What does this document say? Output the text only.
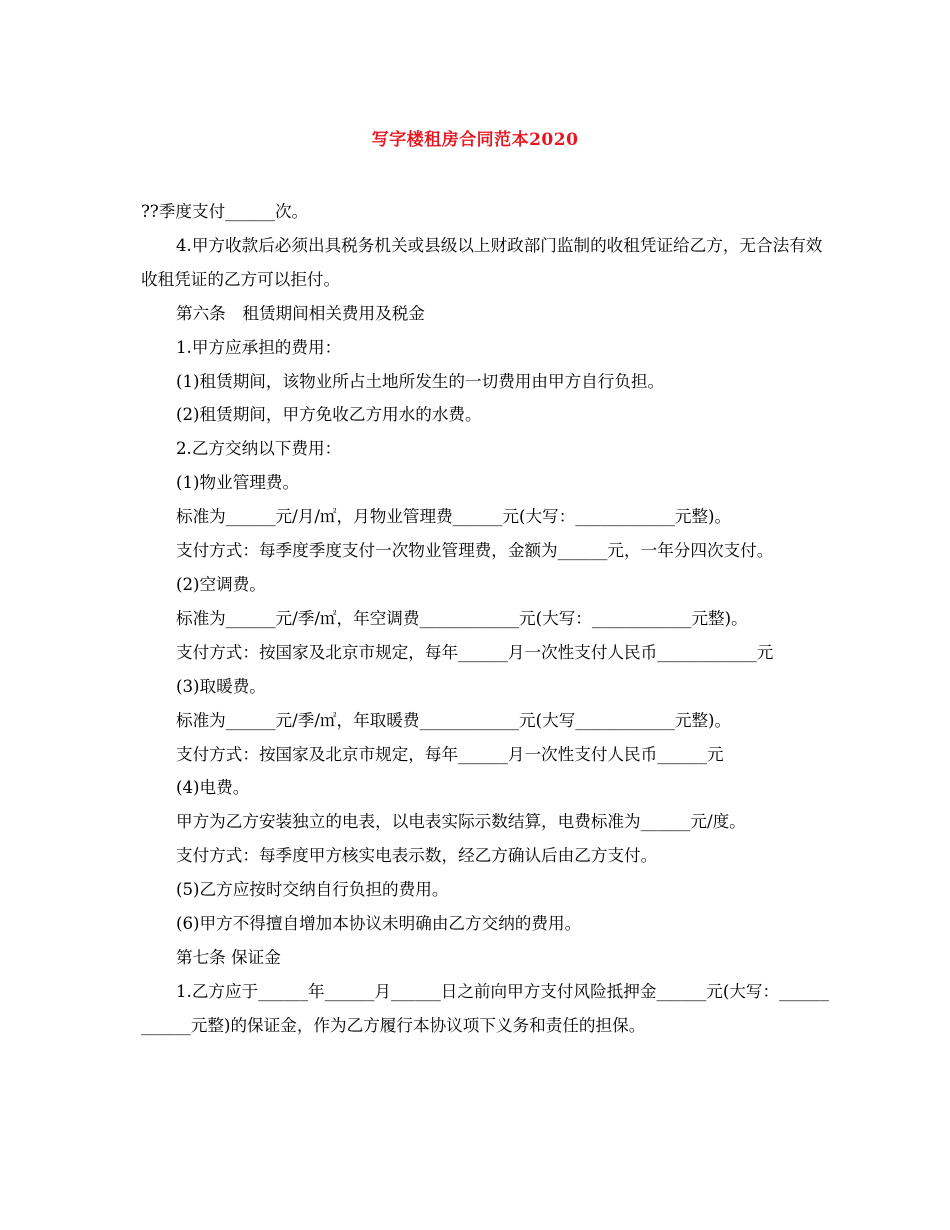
写字楼租房合同范本2020

??季度支付______次。

4.甲方收款后必须出具税务机关或县级以上财政部门监制的收租凭证给乙方，无合法有效收租凭证的乙方可以拒付。

第六条　租赁期间相关费用及税金

1.甲方应承担的费用：

(1)租赁期间，该物业所占土地所发生的一切费用由甲方自行负担。

(2)租赁期间，甲方免收乙方用水的水费。

2.乙方交纳以下费用：

(1)物业管理费。

标准为______元/月/㎡，月物业管理费______元(大写：____________元整)。

支付方式：每季度季度支付一次物业管理费，金额为______元，一年分四次支付。

(2)空调费。

标准为______元/季/㎡，年空调费____________元(大写：____________元整)。

支付方式：按国家及北京市规定，每年______月一次性支付人民币____________元

(3)取暖费。

标准为______元/季/㎡，年取暖费____________元(大写____________元整)。

支付方式：按国家及北京市规定，每年______月一次性支付人民币______元

(4)电费。

甲方为乙方安装独立的电表，以电表实际示数结算，电费标准为______元/度。

支付方式：每季度甲方核实电表示数，经乙方确认后由乙方支付。

(5)乙方应按时交纳自行负担的费用。

(6)甲方不得擅自增加本协议未明确由乙方交纳的费用。

第七条 保证金

1.乙方应于______年______月______日之前向甲方支付风险抵押金______元(大写：____________元整)的保证金，作为乙方履行本协议项下义务和责任的担保。
